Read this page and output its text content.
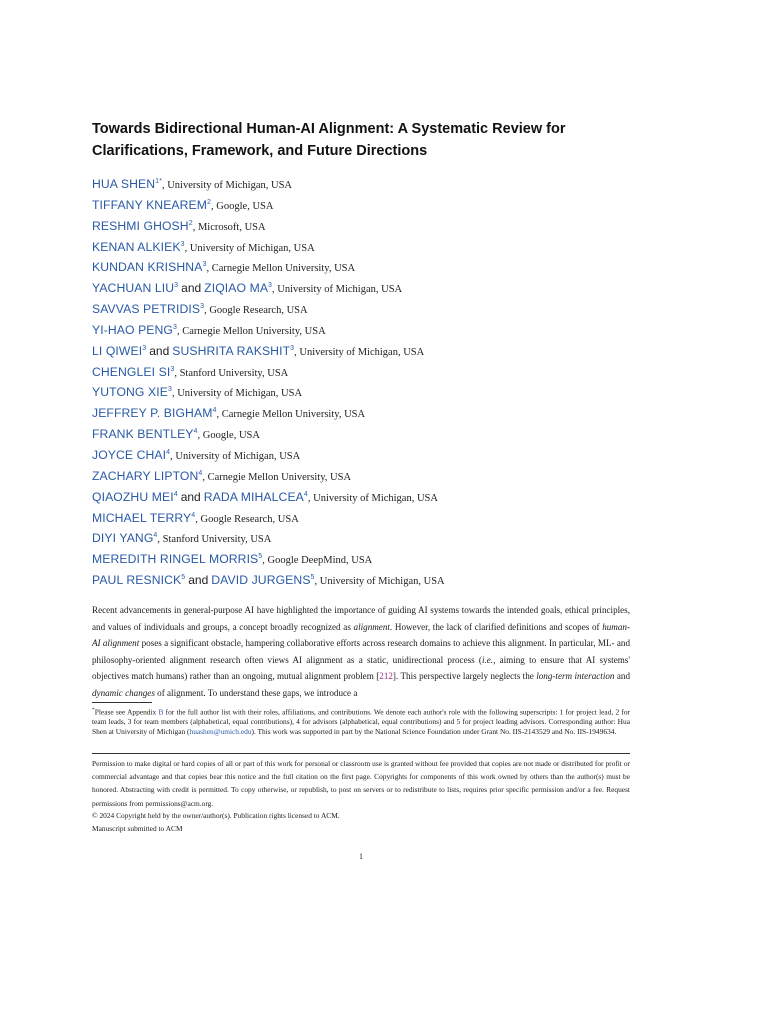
Towards Bidirectional Human-AI Alignment: A Systematic Review for Clarifications, Framework, and Future Directions
HUA $SHEN^{1*}$, University of Michigan, USA
TIFFANY KNEAREM$^2$, Google, USA
RESHMI GHOSH$^2$, Microsoft, USA
KENAN ALKIEK$^3$, University of Michigan, USA
KUNDAN KRISHNA$^3$, Carnegie Mellon University, USA
YACHUAN LIU$^3$ and ZIQIAO $MA^3$, University of Michigan, USA
SAVVAS PETRIDIS$^3$, Google Research, USA
YI-HAO PENG$^3$, Carnegie Mellon University, USA
LI QIWEI$^3$ and SUSHRITA RAKSHIT$^3$, University of Michigan, USA
CHENGLEI $SI^3$, Stanford University, USA
YUTONG XIE$^3$, University of Michigan, USA
JEFFREY P. BIGHAM$^4$, Carnegie Mellon University, USA
FRANK BENTLEY$^4$, Google, USA
JOYCE CHAI$^4$, University of Michigan, USA
ZACHARY LIPTON$^4$, Carnegie Mellon University, USA
QIAOZHU MEI$^4$ and RADA MIHALCEA$^4$, University of Michigan, USA
MICHAEL TERRY$^4$, Google Research, USA
DIYI YANG$^4$, Stanford University, USA
MEREDITH RINGEL MORRIS$^5$, Google DeepMind, USA
PAUL RESNICK$^5$ and DAVID JURGENS$^5$, University of Michigan, USA
Recent advancements in general-purpose AI have highlighted the importance of guiding AI systems towards the intended goals, ethical principles, and values of individuals and groups, a concept broadly recognized as alignment. However, the lack of clarified definitions and scopes of human-AI alignment poses a significant obstacle, hampering collaborative efforts across research domains to achieve this alignment. In particular, ML- and philosophy-oriented alignment research often views AI alignment as a static, unidirectional process (i.e., aiming to ensure that AI systems' objectives match humans) rather than an ongoing, mutual alignment problem [212]. This perspective largely neglects the long-term interaction and dynamic changes of alignment. To understand these gaps, we introduce a
*Please see Appendix B for the full author list with their roles, affiliations, and contributions. We denote each author's role with the following superscripts: 1 for project lead, 2 for team leads, 3 for team members (alphabetical, equal contributions), 4 for advisors (alphabetical, equal contributions) and 5 for project leading advisors. Corresponding author: Hua Shen at University of Michigan (huashen@umich.edu). This work was supported in part by the National Science Foundation under Grant No. IIS-2143529 and No. IIS-1949634.
Permission to make digital or hard copies of all or part of this work for personal or classroom use is granted without fee provided that copies are not made or distributed for profit or commercial advantage and that copies bear this notice and the full citation on the first page. Copyrights for components of this work owned by others than the author(s) must be honored. Abstracting with credit is permitted. To copy otherwise, or republish, to post on servers or to redistribute to lists, requires prior specific permission and/or a fee. Request permissions from permissions@acm.org.
© 2024 Copyright held by the owner/author(s). Publication rights licensed to ACM.
Manuscript submitted to ACM
1
